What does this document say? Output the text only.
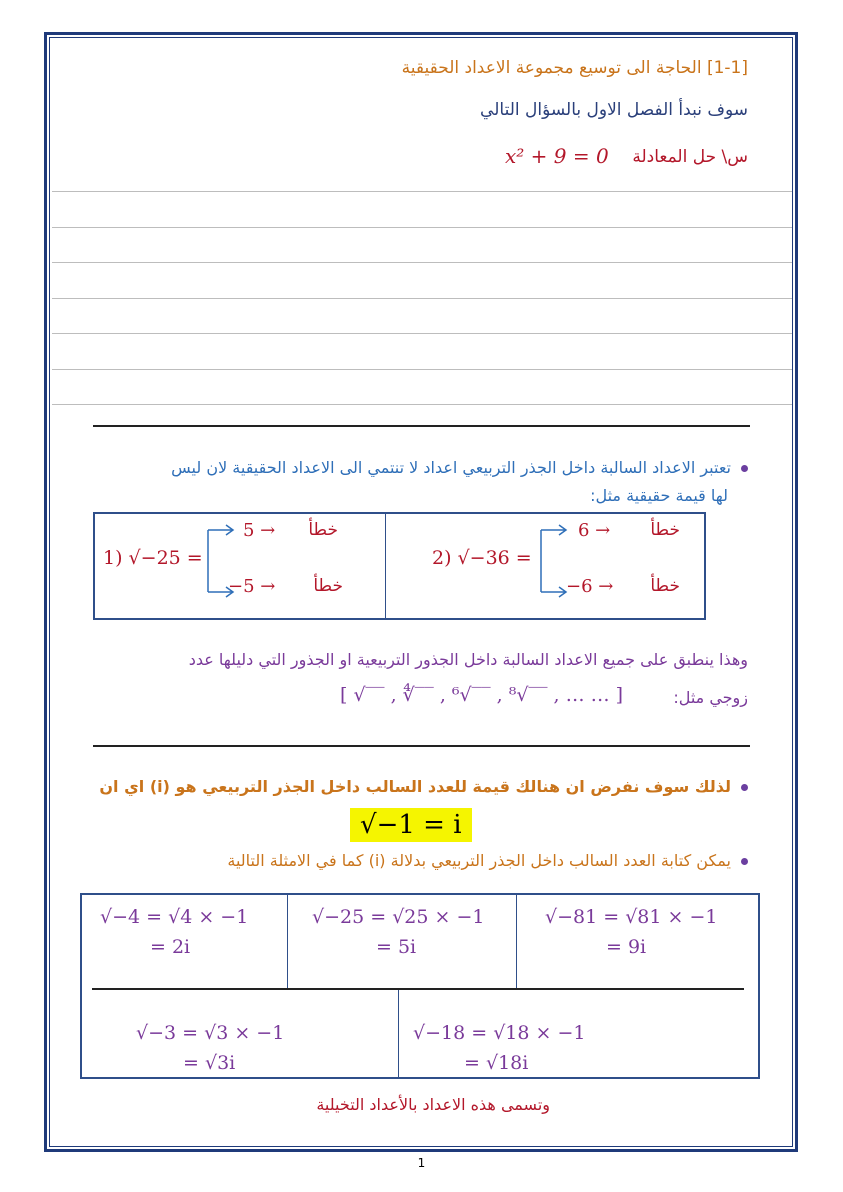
[1-1] الحاجة الى توسيع مجموعة الاعداد الحقيقية
سوف نبدأ الفصل الاول بالسؤال التالي
س\ حل المعادلة
x² + 9 = 0
تعتبر الاعداد السالبة داخل الجذر التربيعي اعداد لا تنتمي الى الاعداد الحقيقية لان ليس
لها قيمة حقيقية مثل:
1) √−25 =
5 →
−5 →
خطأ
خطأ
2) √−36 =
6 →
−6 →
خطأ
خطأ
وهذا ينطبق على جميع الاعداد السالبة داخل الجذور التربيعية او الجذور التي دليلها عدد
زوجي مثل:
[ √‾‾ , ∜‾‾ , ⁶√‾‾ , ⁸√‾‾ , … … ]
لذلك سوف نفرض ان هنالك قيمة للعدد السالب داخل الجذر التربيعي هو (i) اي ان
√−1 = i
يمكن كتابة العدد السالب داخل الجذر التربيعي بدلالة (i) كما في الامثلة التالية
√−4 = √4 × −1
= 2i
√−25 = √25 × −1
= 5i
√−81 = √81 × −1
= 9i
√−3 = √3 × −1
= √3i
√−18 = √18 × −1
= √18i
وتسمى هذه الاعداد بالأعداد التخيلية
1
